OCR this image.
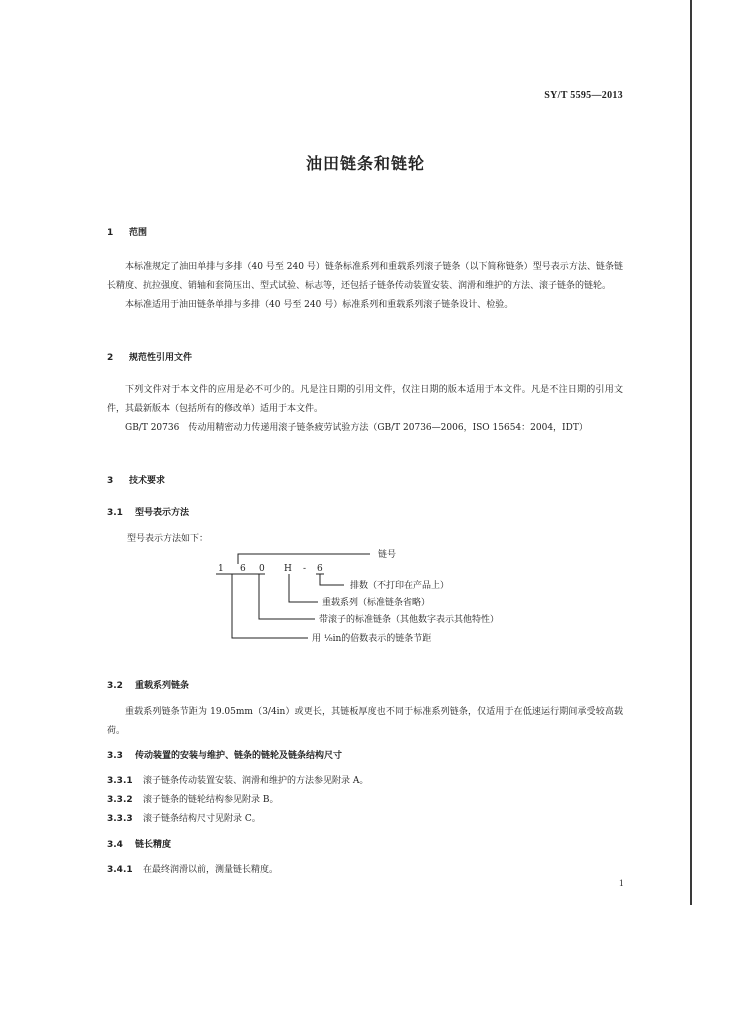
SY/T 5595—2013
油田链条和链轮
1 范围

本标准规定了油田单排与多排（40 号至 240 号）链条标准系列和重载系列滚子链条（以下简称链条）型号表示方法、链条链长精度、抗拉强度、销轴和套筒压出、型式试验、标志等，还包括子链条传动装置安装、润滑和维护的方法、滚子链条的链轮。

本标准适用于油田链条单排与多排（40 号至 240 号）标准系列和重载系列滚子链条设计、检验。

2 规范性引用文件

下列文件对于本文件的应用是必不可少的。凡是注日期的引用文件，仅注日期的版本适用于本文件。凡是不注日期的引用文件，其最新版本（包括所有的修改单）适用于本文件。

GB/T 20736　传动用精密动力传递用滚子链条疲劳试验方法（GB/T 20736—2006，ISO 15654：2004，IDT）

3 技术要求
3.1 型号表示方法
型号表示方法如下：
1 6 0 H - 6
链号
排数（不打印在产品上）
重载系列（标准链条省略）
带滚子的标准链条（其他数字表示其他特性）
用 ¹⁄₈in的倍数表示的链条节距
3.2 重载系列链条

重载系列链条节距为 19.05mm（3/4in）或更长，其链板厚度也不同于标准系列链条，仅适用于在低速运行期间承受较高载荷。

3.3 传动装置的安装与维护、链条的链轮及链条结构尺寸
3.3.1 滚子链条传动装置安装、润滑和维护的方法参见附录 A。
3.3.2 滚子链条的链轮结构参见附录 B。
3.3.3 滚子链条结构尺寸见附录 C。
3.4 链长精度
3.4.1 在最终润滑以前，测量链长精度。
1
